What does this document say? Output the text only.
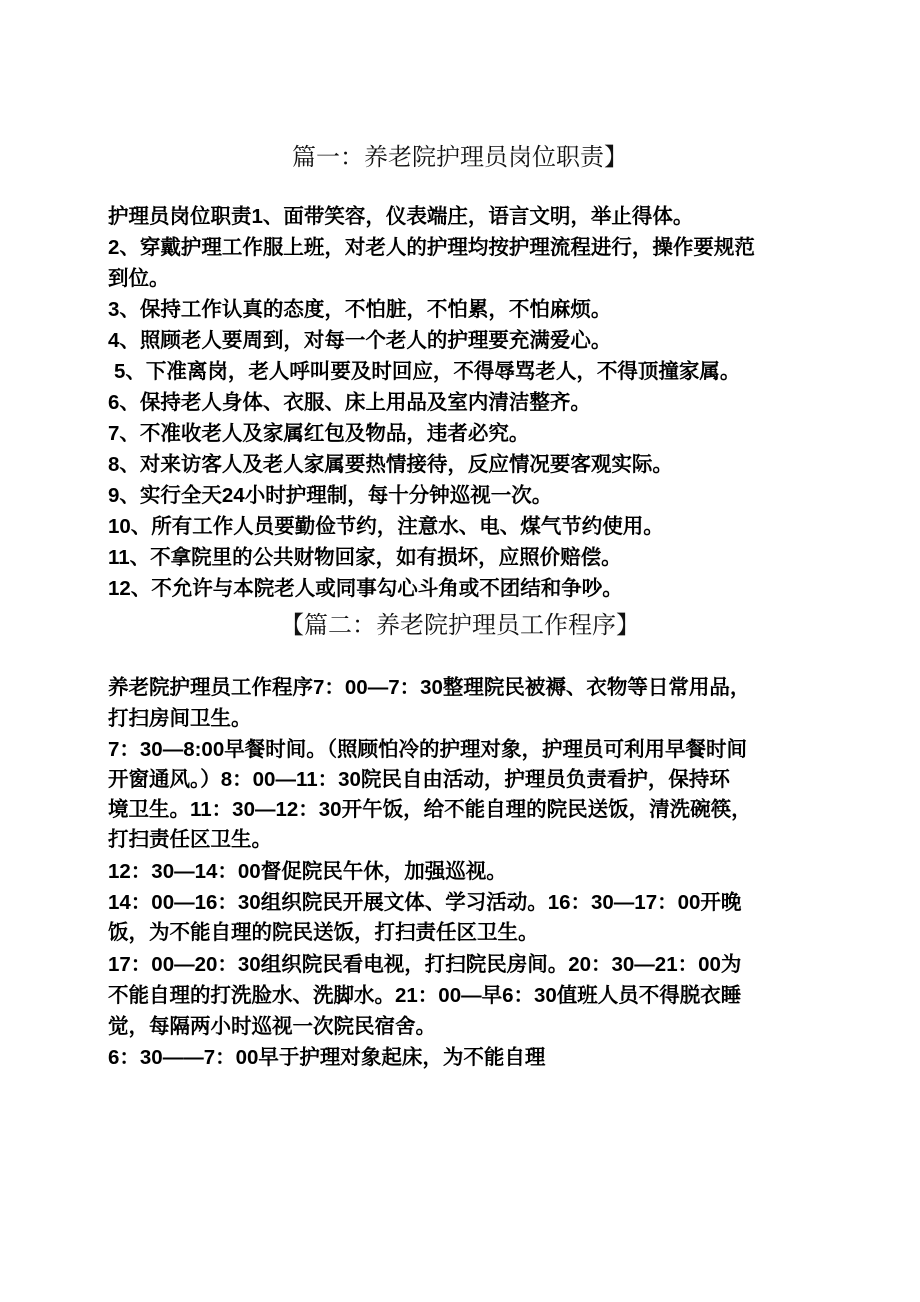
篇一：养老院护理员岗位职责】
护理员岗位职责1、面带笑容，仪表端庄，语言文明，举止得体。
2、穿戴护理工作服上班，对老人的护理均按护理流程进行，操作要规范
到位。
3、保持工作认真的态度，不怕脏，不怕累，不怕麻烦。
4、照顾老人要周到，对每一个老人的护理要充满爱心。
5、下准离岗，老人呼叫要及时回应，不得辱骂老人，不得顶撞家属。
6、保持老人身体、衣服、床上用品及室内清洁整齐。
7、不准收老人及家属红包及物品，违者必究。
8、对来访客人及老人家属要热情接待，反应情况要客观实际。
9、实行全天24小时护理制，每十分钟巡视一次。
10、所有工作人员要勤俭节约，注意水、电、煤气节约使用。
11、不拿院里的公共财物回家，如有损坏，应照价赔偿。
12、不允许与本院老人或同事勾心斗角或不团结和争吵。
【篇二：养老院护理员工作程序】
养老院护理员工作程序7：00—7：30整理院民被褥、衣物等日常用品，
打扫房间卫生。
7：30—8:00早餐时间。（照顾怕冷的护理对象，护理员可利用早餐时间
开窗通风。）8：00—11：30院民自由活动，护理员负责看护，保持环
境卫生。11：30—12：30开午饭，给不能自理的院民送饭，清洗碗筷，
打扫责任区卫生。
12：30—14：00督促院民午休，加强巡视。
14：00—16：30组织院民开展文体、学习活动。16：30—17：00开晚
饭，为不能自理的院民送饭，打扫责任区卫生。
17：00—20：30组织院民看电视，打扫院民房间。20：30—21：00为
不能自理的打洗脸水、洗脚水。21：00—早6：30值班人员不得脱衣睡
觉，每隔两小时巡视一次院民宿舍。
6：30——7：00早于护理对象起床，为不能自理
